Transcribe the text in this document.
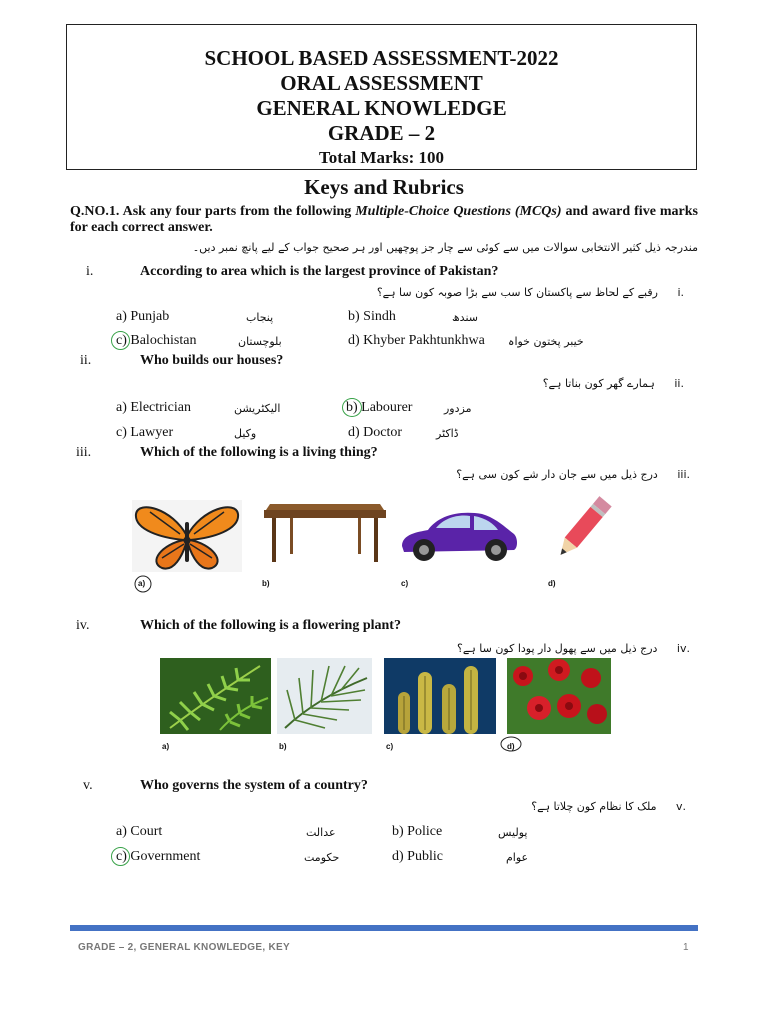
SCHOOL BASED ASSESSMENT-2022
ORAL ASSESSMENT
GENERAL KNOWLEDGE
GRADE – 2
Total Marks: 100
Keys and Rubrics
Q.NO.1. Ask any four parts from the following Multiple-Choice Questions (MCQs) and award five marks for each correct answer.
مندرجہ ذیل کثیر الانتخابی سوالات میں سے کوئی سے چار جز پوچھیں اور ہر صحیح جواب کے لیے پانچ نمبر دیں۔
i.	According to area which is the largest province of Pakistan?
.i رقبے کے لحاظ سے پاکستان کا سب سے بڑا صوبہ کون سا ہے؟
a) Punjab	پنجاب	b) Sindh	سندھ
c) Balochistan	بلوچستان	d) Khyber Pakhtunkhwa خیبر پختون خواہ
ii.	Who builds our houses?
.ii ہمارے گھر کون بناتا ہے؟
a) Electrician	الیکٹریشن	b) Labourer	مزدور
c) Lawyer	وکیل	d) Doctor	ڈاکٹر
iii.	Which of the following is a living thing?
.iii درج ذیل میں سے جان دار شے کون سی ہے؟
a)	b)	c)	d)
iv.	Which of the following is a flowering plant?
.iv درج ذیل میں سے پھول دار پودا کون سا ہے؟
a)	b)	c)	d)
v.	Who governs the system of a country?
.v ملک کا نظام کون چلاتا ہے؟
a) Court	عدالت	b) Police	پولیس
c) Government	حکومت	d) Public	عوام
GRADE – 2, GENERAL KNOWLEDGE, KEY	1
